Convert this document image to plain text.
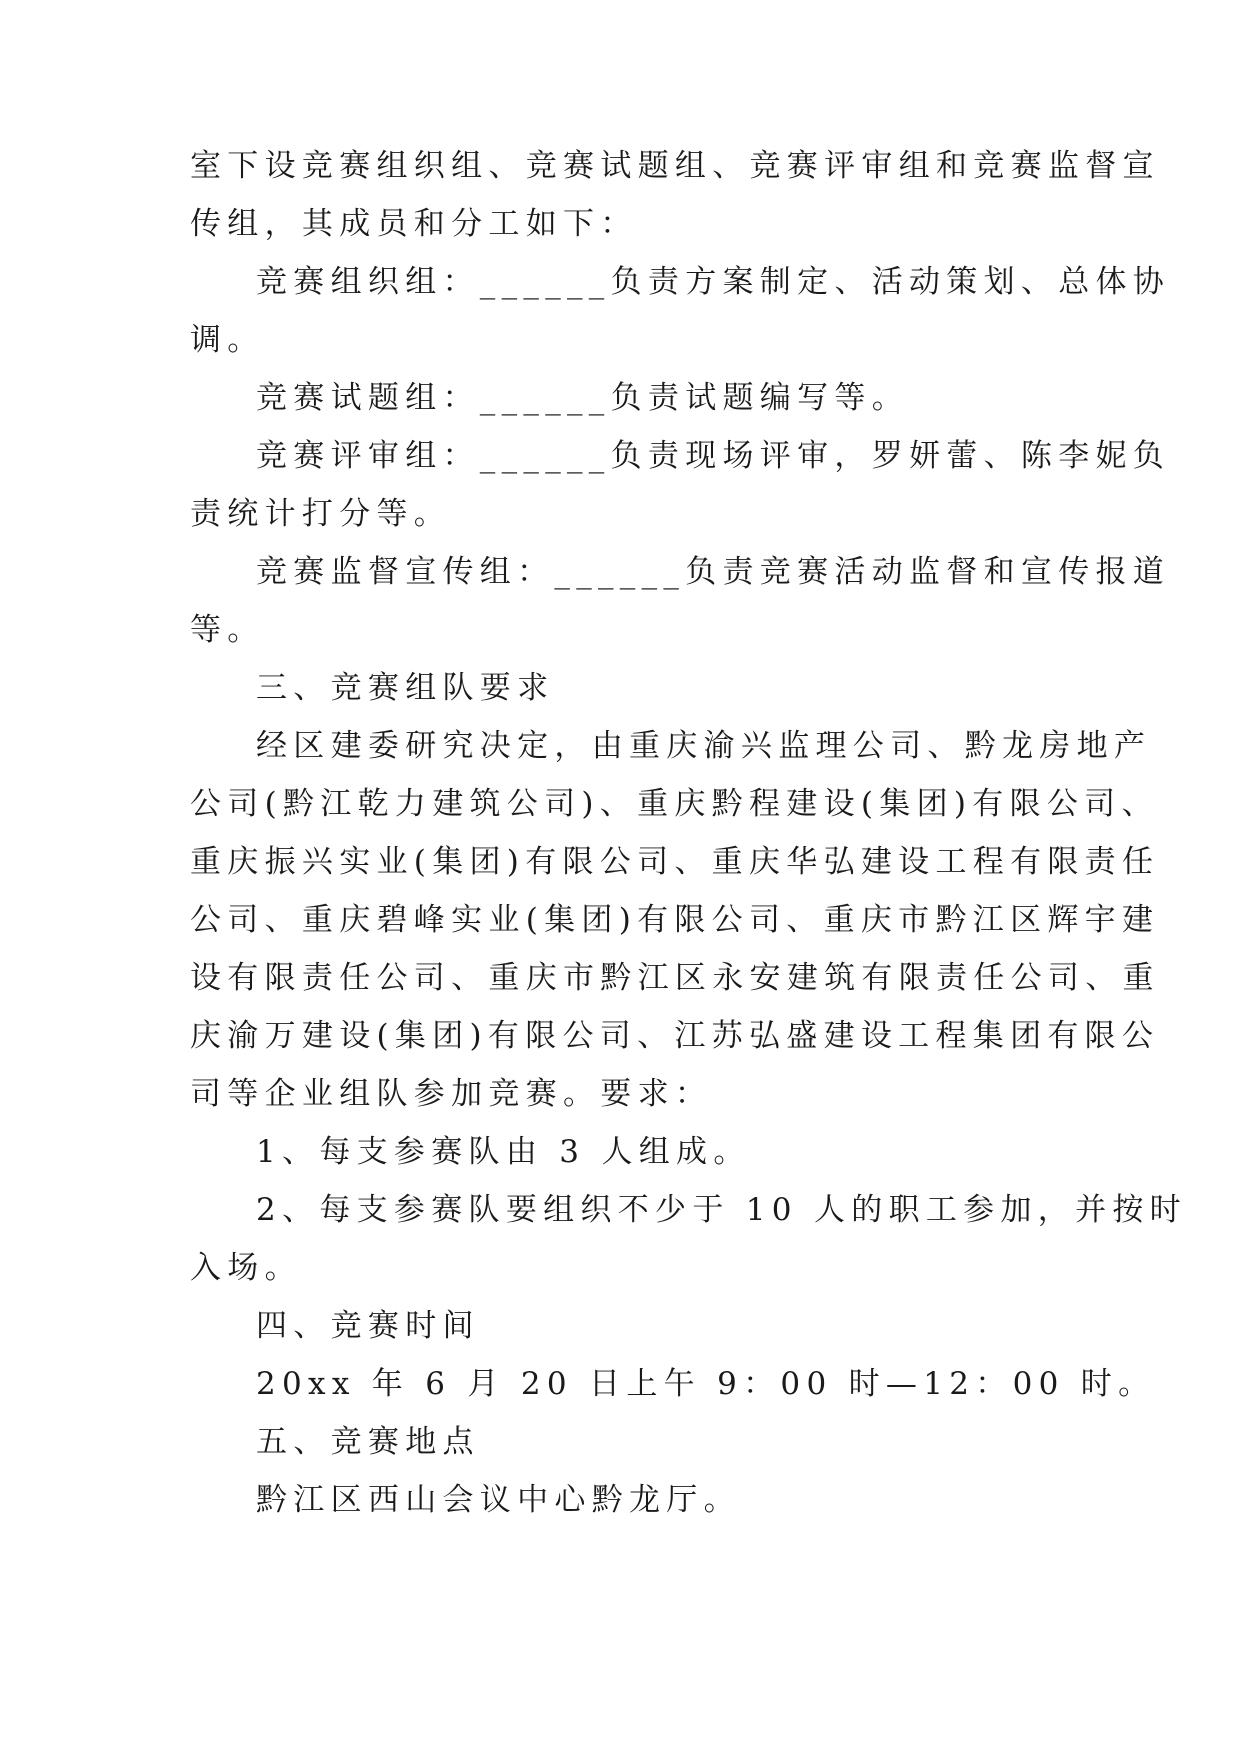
室下设竞赛组织组、竞赛试题组、竞赛评审组和竞赛监督宣
传组，其成员和分工如下：
竞赛组织组：______负责方案制定、活动策划、总体协
调。
竞赛试题组：______负责试题编写等。
竞赛评审组：______负责现场评审，罗妍蕾、陈李妮负
责统计打分等。
竞赛监督宣传组：______负责竞赛活动监督和宣传报道
等。
三、竞赛组队要求
经区建委研究决定，由重庆渝兴监理公司、黔龙房地产
公司(黔江乾力建筑公司)、重庆黔程建设(集团)有限公司、
重庆振兴实业(集团)有限公司、重庆华弘建设工程有限责任
公司、重庆碧峰实业(集团)有限公司、重庆市黔江区辉宇建
设有限责任公司、重庆市黔江区永安建筑有限责任公司、重
庆渝万建设(集团)有限公司、江苏弘盛建设工程集团有限公
司等企业组队参加竞赛。要求：
1、每支参赛队由 3 人组成。
2、每支参赛队要组织不少于 10 人的职工参加，并按时
入场。
四、竞赛时间
20xx 年 6 月 20 日上午 9：00 时—12：00 时。
五、竞赛地点
黔江区西山会议中心黔龙厅。
